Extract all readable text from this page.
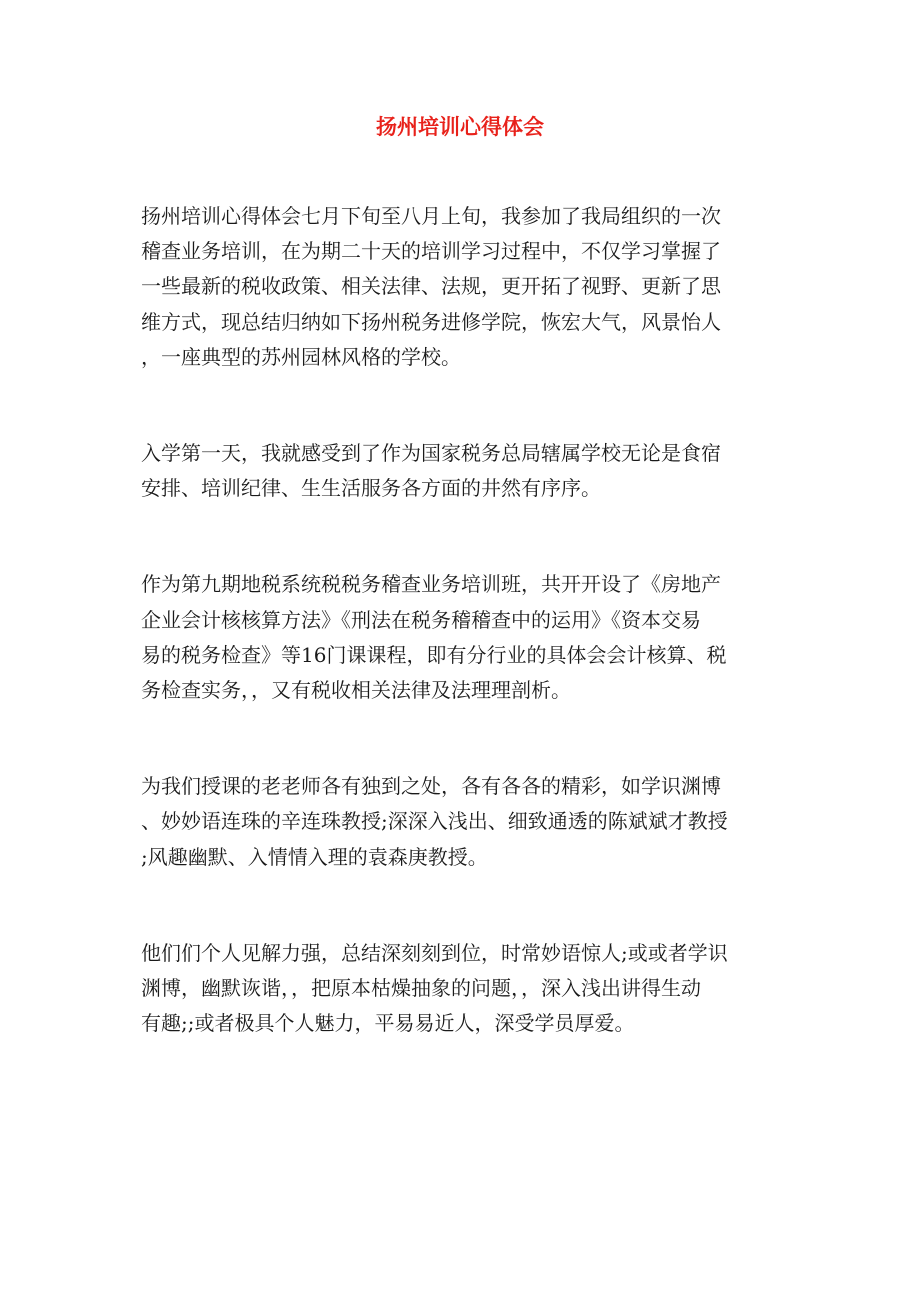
扬州培训心得体会

扬州培训心得体会七月下旬至八月上旬，我参加了我局组织的一次
稽查业务培训，在为期二十天的培训学习过程中，不仅学习掌握了
一些最新的税收政策、相关法律、法规，更开拓了视野、更新了思
维方式，现总结归纳如下扬州税务进修学院，恢宏大气，风景怡人
，一座典型的苏州园林风格的学校。

入学第一天，我就感受到了作为国家税务总局辖属学校无论是食宿
安排、培训纪律、生生活服务各方面的井然有序序。

作为第九期地税系统税税务稽查业务培训班，共开开设了《房地产
企业会计核核算方法》《刑法在税务稽稽查中的运用》《资本交易
易的税务检查》等16门课课程，即有分行业的具体会会计核算、税
务检查实务，，又有税收相关法律及法理理剖析。

为我们授课的老老师各有独到之处，各有各各的精彩，如学识渊博
、妙妙语连珠的辛连珠教授;深深入浅出、细致通透的陈斌斌才教授
;风趣幽默、入情情入理的袁森庚教授。

他们们个人见解力强，总结深刻刻到位，时常妙语惊人;或或者学识
渊博，幽默诙谐，，把原本枯燥抽象的问题，，深入浅出讲得生动
有趣;;或者极具个人魅力，平易易近人，深受学员厚爱。
